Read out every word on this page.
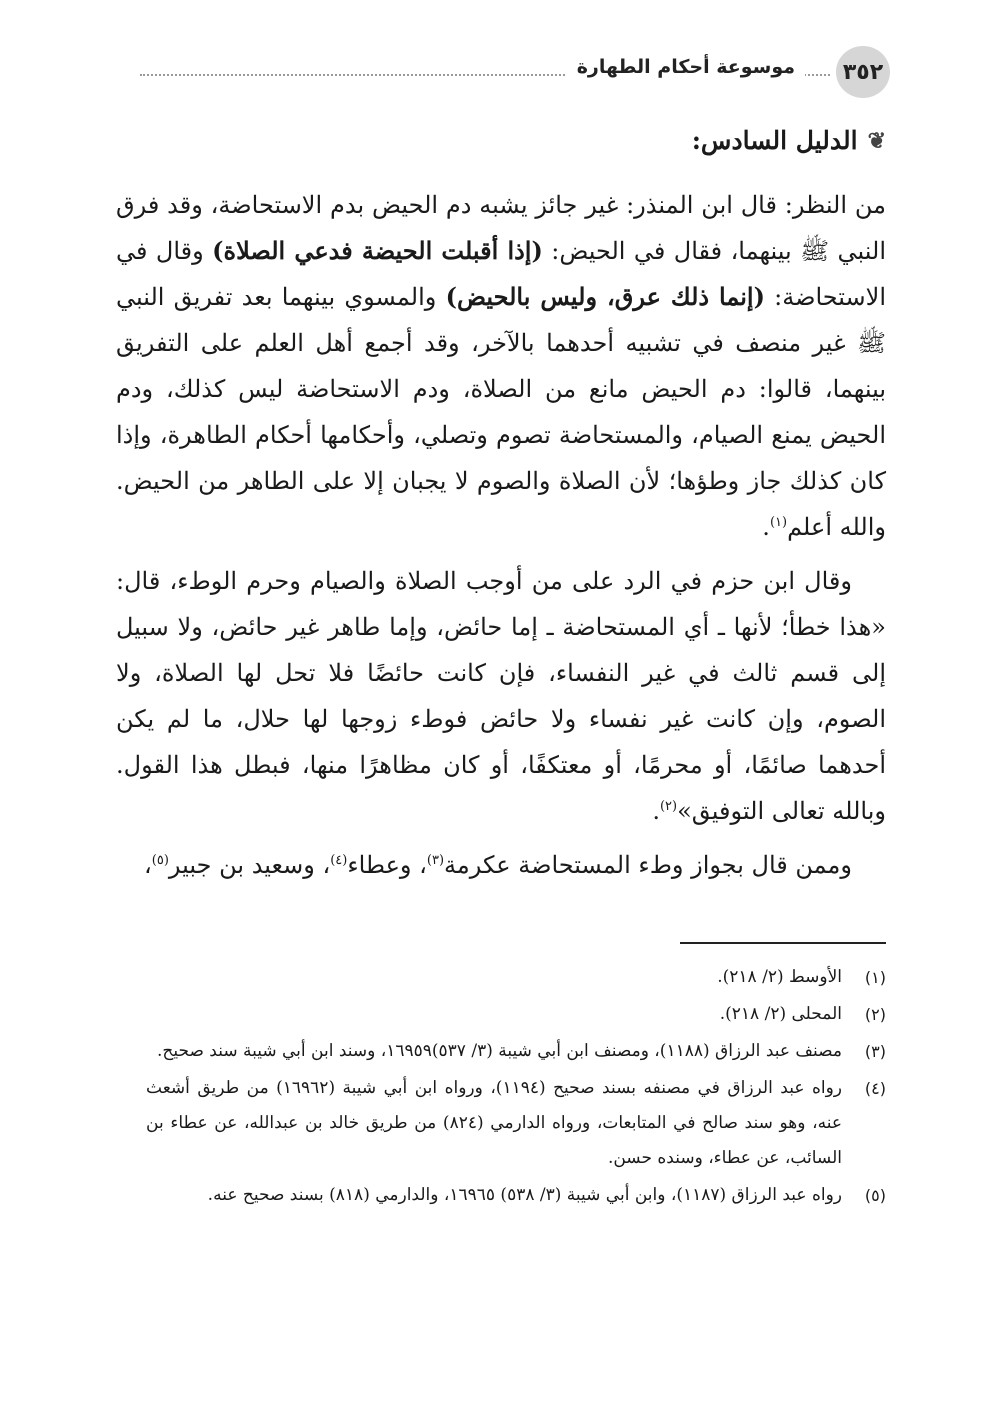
٣٥٢
موسوعة أحكام الطهارة
❦
الدليل السادس:

من النظر: قال ابن المنذر: غير جائز يشبه دم الحيض بدم الاستحاضة، وقد فرق النبي ﷺ بينهما، فقال في الحيض: (إذا أقبلت الحيضة فدعي الصلاة) وقال في الاستحاضة: (إنما ذلك عرق، وليس بالحيض) والمسوي بينهما بعد تفريق النبي ﷺ غير منصف في تشبيه أحدهما بالآخر، وقد أجمع أهل العلم على التفريق بينهما، قالوا: دم الحيض مانع من الصلاة، ودم الاستحاضة ليس كذلك، ودم الحيض يمنع الصيام، والمستحاضة تصوم وتصلي، وأحكامها أحكام الطاهرة، وإذا كان كذلك جاز وطؤها؛ لأن الصلاة والصوم لا يجبان إلا على الطاهر من الحيض. والله أعلم$^{(١)}$.

وقال ابن حزم في الرد على من أوجب الصلاة والصيام وحرم الوطء، قال: «هذا خطأ؛ لأنها ـ أي المستحاضة ـ إما حائض، وإما طاهر غير حائض، ولا سبيل إلى قسم ثالث في غير النفساء، فإن كانت حائضًا فلا تحل لها الصلاة، ولا الصوم، وإن كانت غير نفساء ولا حائض فوطء زوجها لها حلال، ما لم يكن أحدهما صائمًا، أو محرمًا، أو معتكفًا، أو كان مظاهرًا منها، فبطل هذا القول. وبالله تعالى التوفيق»$^{(٢)}$.

وممن قال بجواز وطء المستحاضة عكرمة$^{(٣)}$، وعطاء$^{(٤)}$، وسعيد بن جبير$^{(٥)}$،

(١)
الأوسط (٢/ ٢١٨).
(٢)
المحلى (٢/ ٢١٨).
(٣)
مصنف عبد الرزاق (١١٨٨)، ومصنف ابن أبي شيبة (٣/ ٥٣٧)١٦٩٥٩، وسند ابن أبي شيبة سند صحيح.
(٤)
رواه عبد الرزاق في مصنفه بسند صحيح (١١٩٤)، ورواه ابن أبي شيبة (١٦٩٦٢) من طريق أشعث عنه، وهو سند صالح في المتابعات، ورواه الدارمي (٨٢٤) من طريق خالد بن عبدالله، عن عطاء بن السائب، عن عطاء، وسنده حسن.
(٥)
رواه عبد الرزاق (١١٨٧)، وابن أبي شيبة (٣/ ٥٣٨) ١٦٩٦٥، والدارمي (٨١٨) بسند صحيح عنه.
